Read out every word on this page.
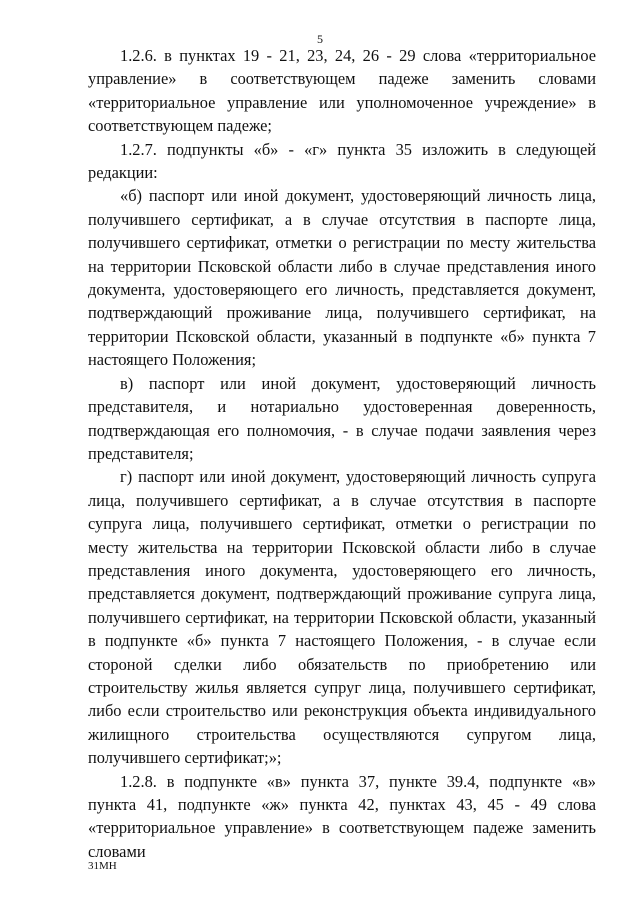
5

1.2.6. в пунктах 19 - 21, 23, 24, 26 - 29 слова «территориальное управление» в соответствующем падеже заменить словами «территориальное управление или уполномоченное учреждение» в соответствующем падеже;

1.2.7. подпункты «б» - «г» пункта 35 изложить в следующей редакции:

«б) паспорт или иной документ, удостоверяющий личность лица, получившего сертификат, а в случае отсутствия в паспорте лица, получившего сертификат, отметки о регистрации по месту жительства на территории Псковской области либо в случае представления иного документа, удостоверяющего его личность, представляется документ, подтверждающий проживание лица, получившего сертификат, на территории Псковской области, указанный в подпункте «б» пункта 7 настоящего Положения;

в) паспорт или иной документ, удостоверяющий личность представителя, и нотариально удостоверенная доверенность, подтверждающая его полномочия, - в случае подачи заявления через представителя;

г) паспорт или иной документ, удостоверяющий личность супруга лица, получившего сертификат, а в случае отсутствия в паспорте супруга лица, получившего сертификат, отметки о регистрации по месту жительства на территории Псковской области либо в случае представления иного документа, удостоверяющего его личность, представляется документ, подтверждающий проживание супруга лица, получившего сертификат, на территории Псковской области, указанный в подпункте «б» пункта 7 настоящего Положения, - в случае если стороной сделки либо обязательств по приобретению или строительству жилья является супруг лица, получившего сертификат, либо если строительство или реконструкция объекта индивидуального жилищного строительства осуществляются супругом лица, получившего сертификат;»;

1.2.8. в подпункте «в» пункта 37, пункте 39.4, подпункте «в» пункта 41, подпункте «ж» пункта 42, пунктах 43, 45 - 49 слова «территориальное управление» в соответствующем падеже заменить словами

31МН
